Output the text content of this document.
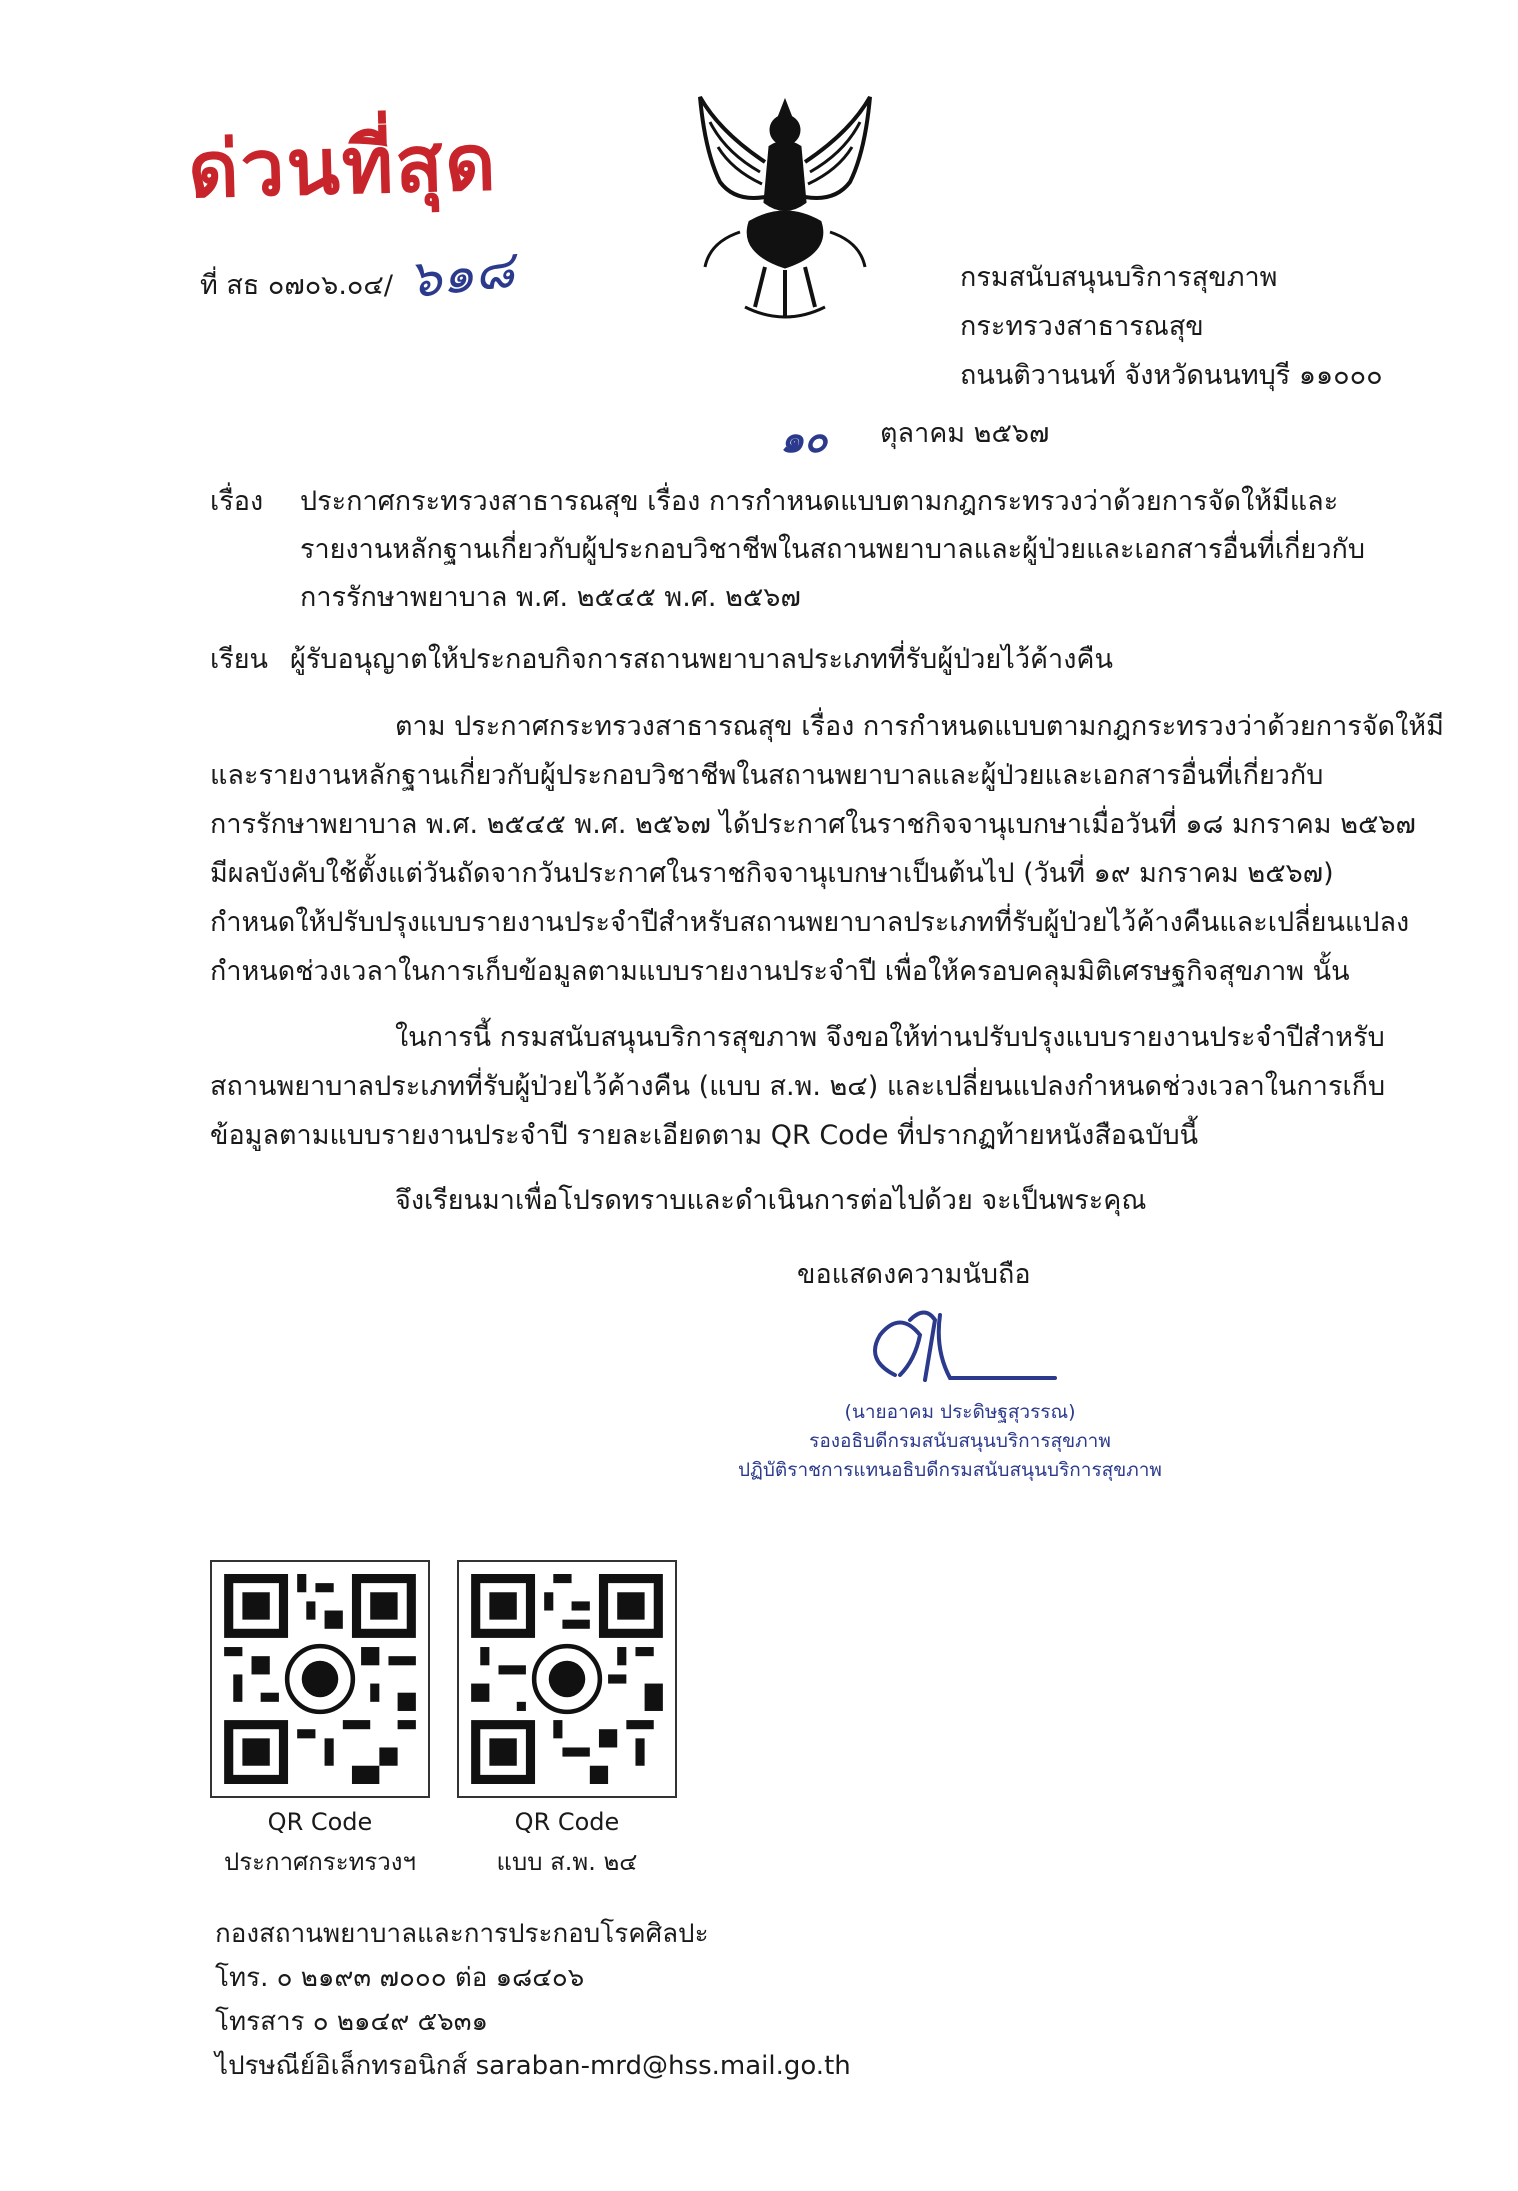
ด่วนที่สุด
ที่ สธ ๐๗๐๖.๐๔/ ๖๑๘	กรมสนับสนุนบริการสุขภาพ
กระทรวงสาธารณสุข
ถนนติวานนท์ จังหวัดนนทบุรี ๑๑๐๐๐
๑๐ ตุลาคม ๒๕๖๗
เรื่อง ประกาศกระทรวงสาธารณสุข เรื่อง การกำหนดแบบตามกฎกระทรวงว่าด้วยการจัดให้มีและ
รายงานหลักฐานเกี่ยวกับผู้ประกอบวิชาชีพในสถานพยาบาลและผู้ป่วยและเอกสารอื่นที่เกี่ยวกับ
การรักษาพยาบาล พ.ศ. ๒๕๔๕ พ.ศ. ๒๕๖๗
เรียน ผู้รับอนุญาตให้ประกอบกิจการสถานพยาบาลประเภทที่รับผู้ป่วยไว้ค้างคืน
ตาม ประกาศกระทรวงสาธารณสุข เรื่อง การกำหนดแบบตามกฎกระทรวงว่าด้วยการจัดให้มี
และรายงานหลักฐานเกี่ยวกับผู้ประกอบวิชาชีพในสถานพยาบาลและผู้ป่วยและเอกสารอื่นที่เกี่ยวกับ
การรักษาพยาบาล พ.ศ. ๒๕๔๕ พ.ศ. ๒๕๖๗ ได้ประกาศในราชกิจจานุเบกษาเมื่อวันที่ ๑๘ มกราคม ๒๕๖๗
มีผลบังคับใช้ตั้งแต่วันถัดจากวันประกาศในราชกิจจานุเบกษาเป็นต้นไป (วันที่ ๑๙ มกราคม ๒๕๖๗)
กำหนดให้ปรับปรุงแบบรายงานประจำปีสำหรับสถานพยาบาลประเภทที่รับผู้ป่วยไว้ค้างคืนและเปลี่ยนแปลง
กำหนดช่วงเวลาในการเก็บข้อมูลตามแบบรายงานประจำปี เพื่อให้ครอบคลุมมิติเศรษฐกิจสุขภาพ นั้น
ในการนี้ กรมสนับสนุนบริการสุขภาพ จึงขอให้ท่านปรับปรุงแบบรายงานประจำปีสำหรับ
สถานพยาบาลประเภทที่รับผู้ป่วยไว้ค้างคืน (แบบ ส.พ. ๒๔) และเปลี่ยนแปลงกำหนดช่วงเวลาในการเก็บ
ข้อมูลตามแบบรายงานประจำปี รายละเอียดตาม QR Code ที่ปรากฏท้ายหนังสือฉบับนี้
จึงเรียนมาเพื่อโปรดทราบและดำเนินการต่อไปด้วย จะเป็นพระคุณ
ขอแสดงความนับถือ
(นายอาคม ประดิษฐสุวรรณ)
รองอธิบดีกรมสนับสนุนบริการสุขภาพ
ปฏิบัติราชการแทนอธิบดีกรมสนับสนุนบริการสุขภาพ
QR Code
ประกาศกระทรวงฯ
QR Code
แบบ ส.พ. ๒๔
กองสถานพยาบาลและการประกอบโรคศิลปะ
โทร. ๐ ๒๑๙๓ ๗๐๐๐ ต่อ ๑๘๔๐๖
โทรสาร ๐ ๒๑๔๙ ๕๖๓๑
ไปรษณีย์อิเล็กทรอนิกส์ saraban-mrd@hss.mail.go.th
